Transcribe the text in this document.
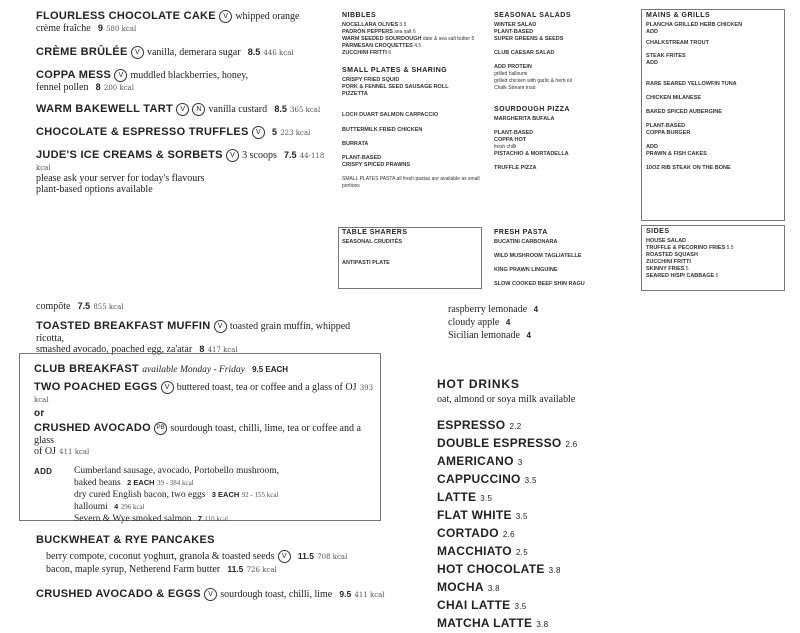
FLOURLESS CHOCOLATE CAKE V whipped orange
crème fraîche 9 580 kcal
CRÈME BRÛLÉE V vanilla, demerara sugar 8.5 446 kcal
COPPA MESS V muddled blackberries, honey,
fennel pollen 8 200 kcal
WARM BAKEWELL TART V N vanilla custard 8.5 365 kcal
CHOCOLATE & ESPRESSO TRUFFLES V 5 223 kcal
JUDE'S ICE CREAMS & SORBETS V 3 scoops 7.5 44-118 kcal
please ask your server for today's flavours
plant-based options available
NIBBLES
NOCELLARA OLIVES 3.5
PADRÓN PEPPERS sea salt 6
WARM SEEDED SOURDOUGH date & sea salt butter 5
PARMESAN CROQUETTES 4.5
ZUCCHINI FRITTI 6
SMALL PLATES & SHARING
CRISPY FRIED SQUID
PORK & FENNEL SEED SAUSAGE ROLL
PIZZETTA
LOCH DUART SALMON CARPACCIO
BUTTERMILK FRIED CHICKEN
BURRATA
PLANT-BASED
CRISPY SPICED PRAWNS
SMALL PLATES PASTA all fresh pastas are available as small portions
SEASONAL SALADS
WINTER SALAD
PLANT-BASED
SUPER GREENS & SEEDS
CLUB CAESAR SALAD
ADD PROTEIN
grilled halloumi
grilled chicken with garlic & herb oil
Chalk Stream trout
SOURDOUGH PIZZA
MARGHERITA BUFALA
PLANT-BASED
COPPA HOT
fresh chilli
PISTACHIO & MORTADELLA
TRUFFLE PIZZA
MAINS & GRILLS
PLANCHA GRILLED HERB CHICKEN
ADD
CHALKSTREAM TROUT
STEAK FRITES
ADD
RARE SEARED YELLOWFIN TUNA
CHICKEN MILANESE
BAKED SPICED AUBERGINE
PLANT-BASED
COPPA BURGER
ADD
PRAWN & FISH CAKES
10OZ RIB STEAK ON THE BONE
TABLE SHARERS
SEASONAL CRUDITÉS
ANTIPASTI PLATE
FRESH PASTA
BUCATINI CARBONARA
WILD MUSHROOM TAGLIATELLE
KING PRAWN LINGUINE
SLOW COOKED BEEF SHIN RAGU
SIDES
HOUSE SALAD
TRUFFLE & PECORINO FRIES 5.5
ROASTED SQUASH
ZUCCHINI FRITTI
SKINNY FRIES 5
SEARED HISPI CABBAGE 5
compôte 7.5 855 kcal
TOASTED BREAKFAST MUFFIN V toasted grain muffin, whipped ricotta,
smashed avocado, poached egg, za'atar 8 417 kcal
raspberry lemonade 4
cloudy apple 4
Sicilian lemonade 4
CLUB BREAKFAST available Monday - Friday 9.5 EACH
TWO POACHED EGGS V buttered toast, tea or coffee and a glass of OJ 393 kcal
or
CRUSHED AVOCADO PB sourdough toast, chilli, lime, tea or coffee and a glass
of OJ 411 kcal
ADD Cumberland sausage, avocado, Portobello mushroom,
baked beans 2 EACH 39 - 384 kcal
dry cured English bacon, two eggs 3 EACH 92 - 155 kcal
halloumi 4 296 kcal
Severn & Wye smoked salmon 7 110 kcal
BUCKWHEAT & RYE PANCAKES
berry compote, coconut yoghurt, granola & toasted seeds V 11.5 708 kcal
bacon, maple syrup, Netherend Farm butter 11.5 726 kcal
CRUSHED AVOCADO & EGGS V sourdough toast, chilli, lime 9.5 411 kcal
HOT DRINKS
oat, almond or soya milk available
ESPRESSO 2.2
DOUBLE ESPRESSO 2.6
AMERICANO 3
CAPPUCCINO 3.5
LATTE 3.5
FLAT WHITE 3.5
CORTADO 2.6
MACCHIATO 2.5
HOT CHOCOLATE 3.8
MOCHA 3.8
CHAI LATTE 3.5
MATCHA LATTE 3.8
